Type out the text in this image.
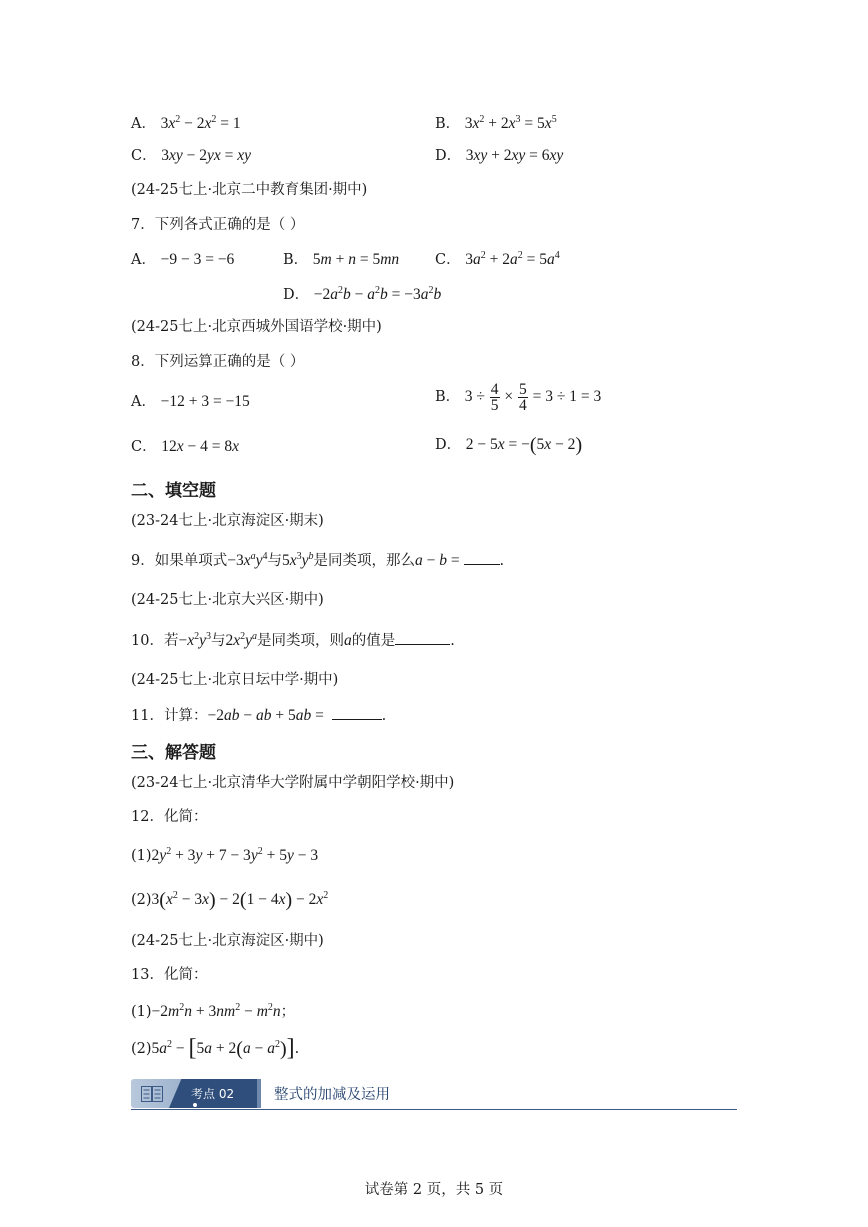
A． $3x^2 - 2x^2 = 1$	B． $3x^2 + 2x^3 = 5x^5$
C． 3xy − 2yx = xy	D． 3xy + 2xy = 6xy
(24-25七上·北京二中教育集团·期中)
7．下列各式正确的是（ ）
A． −9 − 3 = −6	B． 5m + n = 5mn C． $3a^2 + 2a^2 = 5a^4$
D． $-2a^2b - a^2b = -3a^2b$
(24-25七上·北京西城外国语学校·期中)
8．下列运算正确的是（ ）
A． −12 + 3 = −15	B． $3 \div \frac{4}{5} \times \frac{5}{4} = 3 \div 1 = 3$
C． 12x − 4 = 8x	D． 2 − 5x = −(5x − 2)
二、填空题
(23-24七上·北京海淀区·期末)
9．如果单项式$-3x^ay^4$与$5x^3y^b$是同类项，那么a − b = .
(24-25七上·北京大兴区·期中)
10．若$-x^2y^3$与$2x^2y^a$是同类项，则a的值是	.
(24-25七上·北京日坛中学·期中)
11．计算：−2ab − ab + 5ab =	.
三、解答题
(23-24七上·北京清华大学附属中学朝阳学校·期中)
12．化简：
$(1)2y^2 + 3y + 7 - 3y^2 + 5y - 3$
$(2)3(x^2 - 3x) - 2(1 - 4x) - 2x^2$
(24-25七上·北京海淀区·期中)
13．化简：
$(1)-2m^2n + 3nm^2 - m^2n$；
$(2)5a^2 - [5a + 2(a - a^2)]$.
考点 02	整式的加减及运用
试卷第 2 页，共 5 页
